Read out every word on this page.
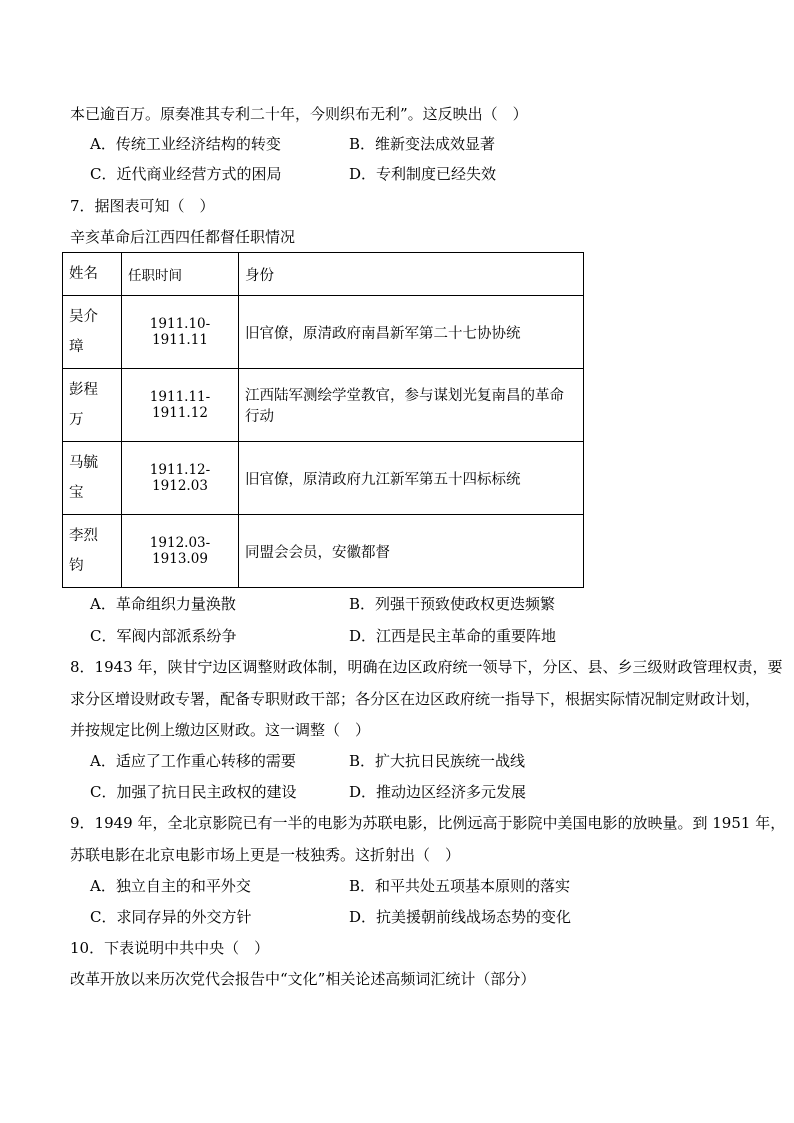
本已逾百万。原奏准其专利二十年，今则织布无利”。这反映出（　）
A．传统工业经济结构的转变	B．维新变法成效显著
C．近代商业经营方式的困局	D．专利制度已经失效
7．据图表可知（　）
辛亥革命后江西四任都督任职情况
姓名	任职时间	身份

吴介璋	1911.10-1911.11	旧官僚，原清政府南昌新军第二十七协协统

彭程万	1911.11-1911.12	江西陆军测绘学堂教官，参与谋划光复南昌的革命行动

马毓宝	1911.12-1912.03	旧官僚，原清政府九江新军第五十四标标统

李烈钧	1912.03-1913.09	同盟会会员，安徽都督
A．革命组织力量涣散	B．列强干预致使政权更迭频繁
C．军阀内部派系纷争	D．江西是民主革命的重要阵地
8．1943 年，陕甘宁边区调整财政体制，明确在边区政府统一领导下，分区、县、乡三级财政管理权责，要
求分区增设财政专署，配备专职财政干部；各分区在边区政府统一指导下，根据实际情况制定财政计划，
并按规定比例上缴边区财政。这一调整（　）
A．适应了工作重心转移的需要	B．扩大抗日民族统一战线
C．加强了抗日民主政权的建设	D．推动边区经济多元发展
9．1949 年，全北京影院已有一半的电影为苏联电影，比例远高于影院中美国电影的放映量。到 1951 年，
苏联电影在北京电影市场上更是一枝独秀。这折射出（　）
A．独立自主的和平外交	B．和平共处五项基本原则的落实
C．求同存异的外交方针	D．抗美援朝前线战场态势的变化
10．下表说明中共中央（　）
改革开放以来历次党代会报告中“文化”相关论述高频词汇统计（部分）
